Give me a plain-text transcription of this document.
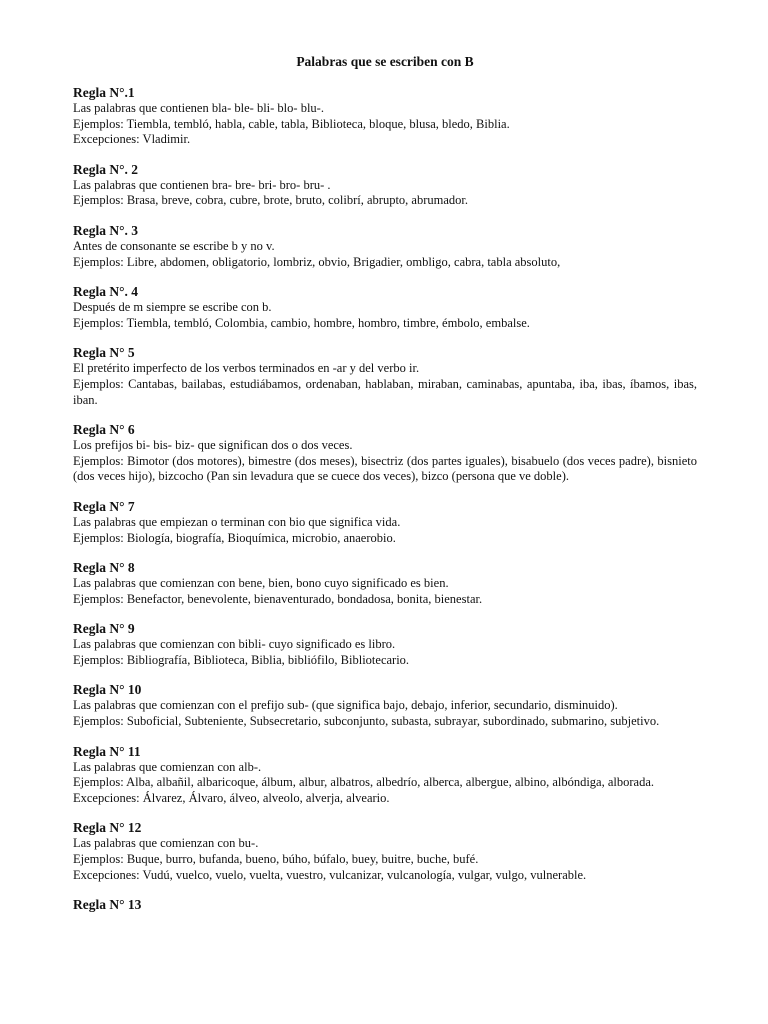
Palabras que se escriben con B

Regla N°.1

Las palabras que contienen bla- ble- bli- blo- blu-.

Ejemplos: Tiembla, tembló, habla, cable, tabla, Biblioteca, bloque, blusa, bledo, Biblia.

Excepciones: Vladimir.

Regla N°. 2

Las palabras que contienen bra- bre- bri- bro- bru- .

Ejemplos: Brasa, breve, cobra, cubre, brote, bruto, colibrí, abrupto, abrumador.

Regla N°. 3

Antes de consonante se escribe b y no v.

Ejemplos: Libre, abdomen, obligatorio, lombriz, obvio, Brigadier, ombligo, cabra, tabla absoluto,

Regla N°. 4

Después de m siempre se escribe con b.

Ejemplos: Tiembla, tembló, Colombia, cambio, hombre, hombro, timbre, émbolo, embalse.

Regla N° 5

El pretérito imperfecto de los verbos terminados en -ar y del verbo ir.

Ejemplos: Cantabas, bailabas, estudiábamos, ordenaban, hablaban, miraban, caminabas, apuntaba, iba, ibas, íbamos, ibas, iban.

Regla N° 6

Los prefijos bi- bis- biz- que significan dos o dos veces.

Ejemplos: Bimotor (dos motores), bimestre (dos meses), bisectriz (dos partes iguales), bisabuelo (dos veces padre), bisnieto (dos veces hijo), bizcocho (Pan sin levadura que se cuece dos veces), bizco (persona que ve doble).

Regla N° 7

Las palabras que empiezan o terminan con bio que significa vida.

Ejemplos: Biología, biografía, Bioquímica, microbio, anaerobio.

Regla N° 8

Las palabras que comienzan con bene, bien, bono cuyo significado es bien.

Ejemplos: Benefactor, benevolente, bienaventurado, bondadosa, bonita, bienestar.

Regla N° 9

Las palabras que comienzan con bibli- cuyo significado es libro.

Ejemplos: Bibliografía, Biblioteca, Biblia, bibliófilo, Bibliotecario.

Regla N° 10

Las palabras que comienzan con el prefijo sub- (que significa bajo, debajo, inferior, secundario, disminuido).

Ejemplos: Suboficial, Subteniente, Subsecretario, subconjunto, subasta, subrayar, subordinado, submarino, subjetivo.

Regla N° 11

Las palabras que comienzan con alb-.

Ejemplos: Alba, albañil, albaricoque, álbum, albur, albatros, albedrío, alberca, albergue, albino, albóndiga, alborada.

Excepciones: Álvarez, Álvaro, álveo, alveolo, alverja, alveario.

Regla N° 12

Las palabras que comienzan con bu-.

Ejemplos: Buque, burro, bufanda, bueno, búho, búfalo, buey, buitre, buche, bufé.

Excepciones: Vudú, vuelco, vuelo, vuelta, vuestro, vulcanizar, vulcanología, vulgar, vulgo, vulnerable.

Regla N° 13
